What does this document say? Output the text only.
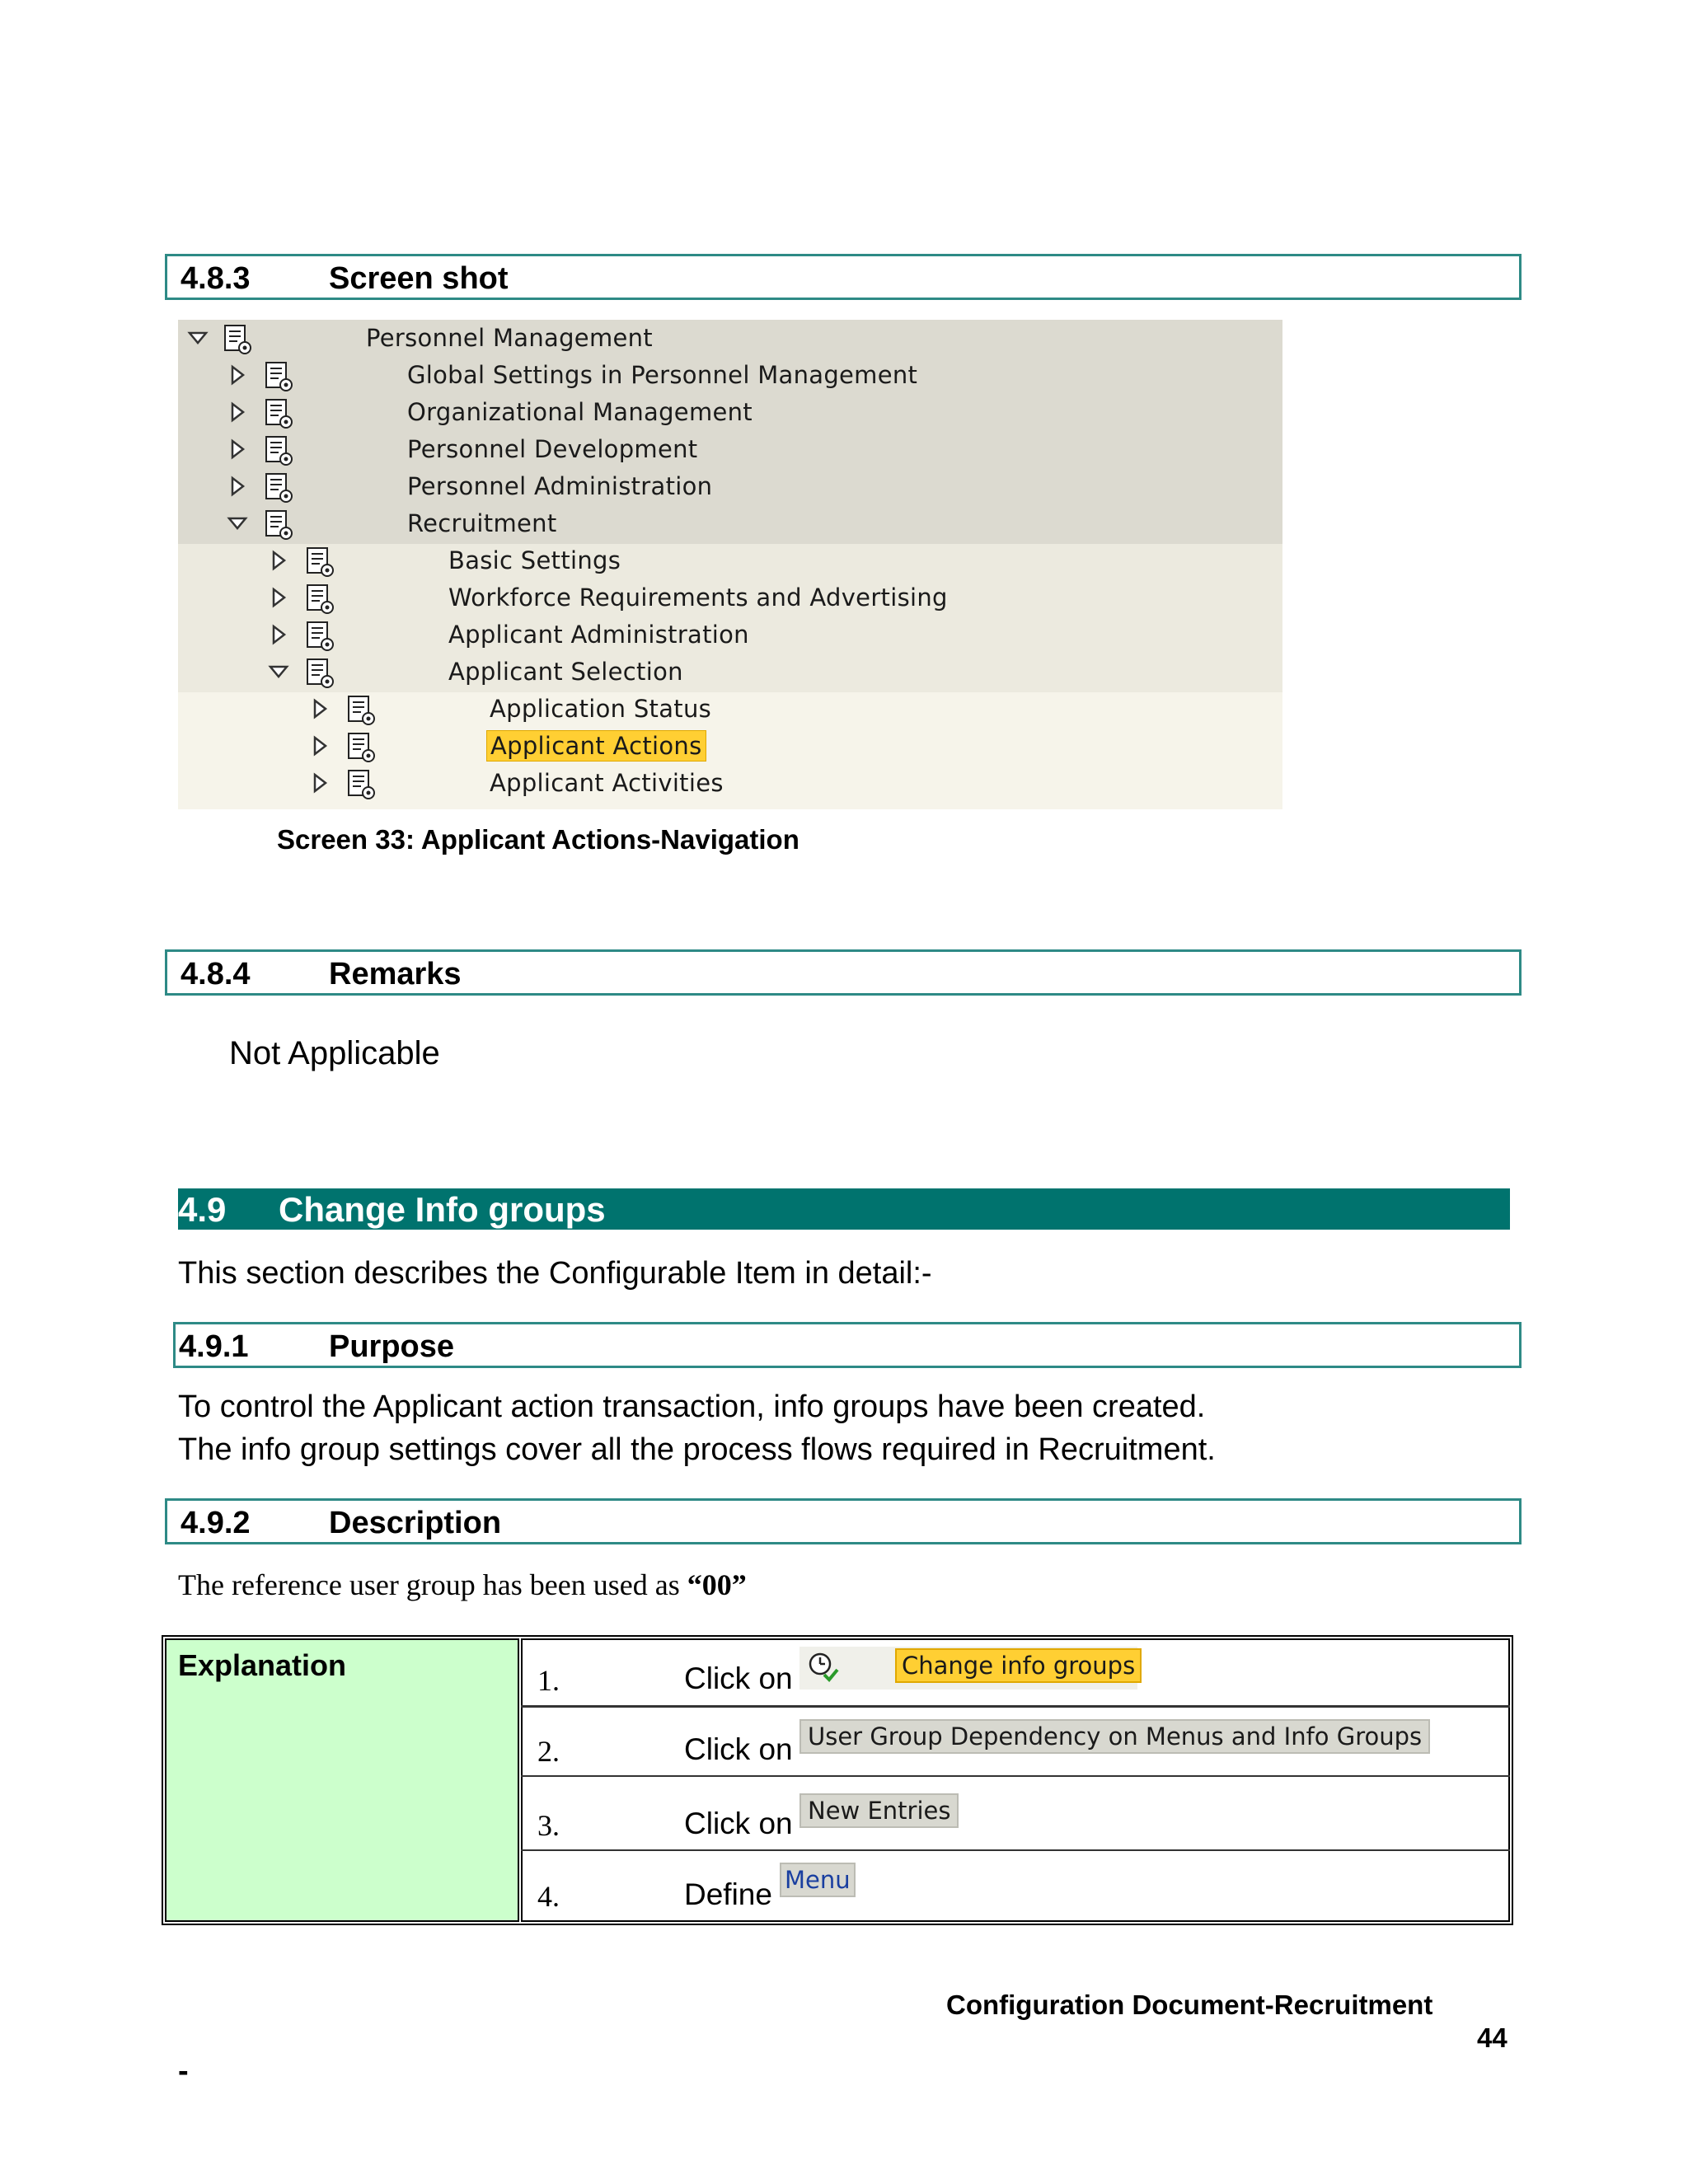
4.8.3	Screen shot
Personnel Management
Global Settings in Personnel Management
Organizational Management
Personnel Development
Personnel Administration
Recruitment
Basic Settings
Workforce Requirements and Advertising
Applicant Administration
Applicant Selection
Application Status
Applicant Actions
Applicant Activities
Screen 33: Applicant Actions-Navigation
4.8.4	Remarks
Not Applicable
4.9 Change Info groups
This section describes the Configurable Item in detail:-
4.9.1	Purpose
To control the Applicant action transaction, info groups have been created.
The info group settings cover all the process flows required in Recruitment.
4.9.2	Description
The reference user group has been used as “00”
Explanation	1.	Click on	Change info groups
2.	Click on User Group Dependency on Menus and Info Groups
3.	Click on New Entries
4.	Define Menu
Configuration Document-Recruitment
44
-
